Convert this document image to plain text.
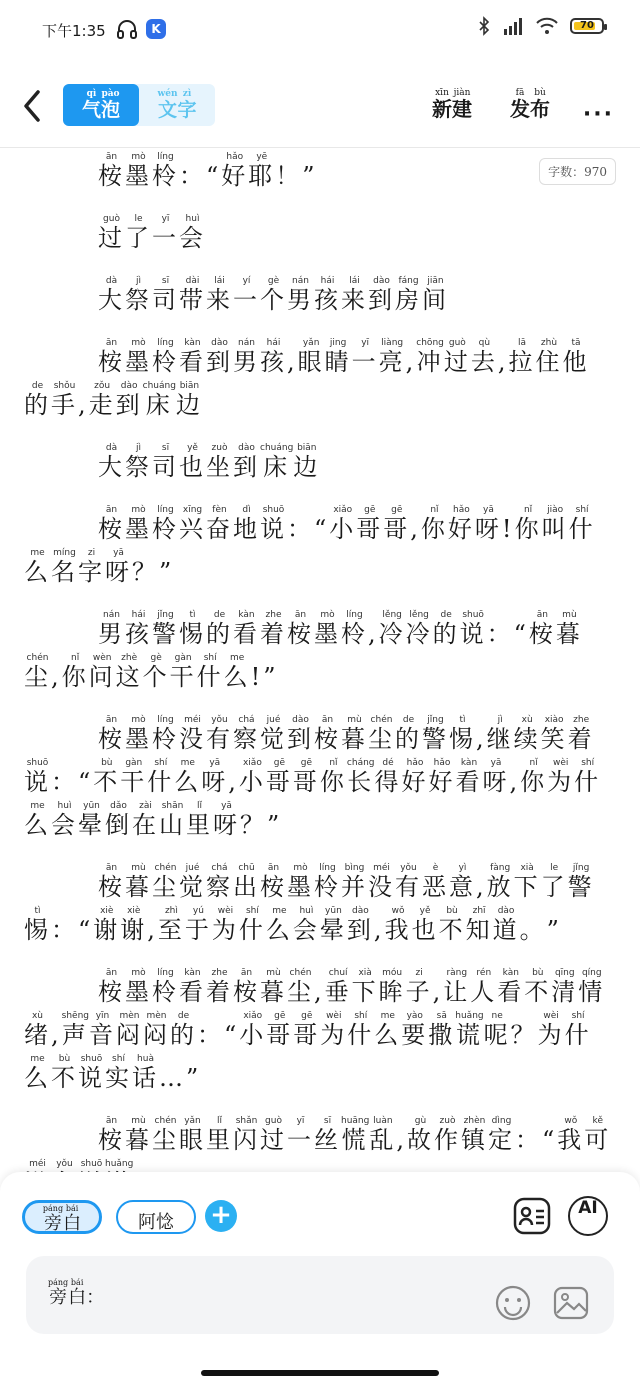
下午1:35	K	70
气qì泡pào
文wén字zì
新xīn建jiàn
发fā布bù
···

桉ān墨mò柃líng：“好hǎo耶yē！”

过guò了le一yī会huì

大dà祭jì司sī带dài来lái一yí个gè男nán孩hái来lái到dào房fáng间jiān

桉ān墨mò柃líng看kàn到dào男nán孩hái,眼yǎn睛jing一yī亮liàng,冲chōng过guò去qù,拉lā住zhù他tā的de手shǒu,走zǒu到dào床chuáng边biān

大dà祭jì司sī也yě坐zuò到dào床chuáng边biān

桉ān墨mò柃líng兴xīng奋fèn地dì说shuō：“小xiǎo哥gē哥gē,你nǐ好hǎo呀yā!你nǐ叫jiào什shí么me名míng字zi呀yā？”

男nán孩hái警jǐng惕tì的de看kàn着zhe桉ān墨mò柃líng,冷lěng冷lěng的de说shuō：“桉ān暮mù尘chén,你nǐ问wèn这zhè个gè干gàn什shí么me!”

桉ān墨mò柃líng没méi有yǒu察chá觉jué到dào桉ān暮mù尘chén的de警jǐng惕tì,继jì续xù笑xiào着zhe说shuō：“不bù干gàn什shí么me呀yā,小xiǎo哥gē哥gē你nǐ长cháng得dé好hǎo好hǎo看kàn呀yā,你nǐ为wèi什shí么me会huì晕yūn倒dǎo在zài山shān里lǐ呀yā？”

桉ān暮mù尘chén觉jué察chá出chū桉ān墨mò柃líng并bìng没méi有yǒu恶è意yì,放fàng下xià了le警jǐng惕tì：“谢xiè谢xiè,至zhì于yú为wèi什shí么me会huì晕yūn到dào,我wǒ也yě不bù知zhī道dào。”

桉ān墨mò柃líng看kàn着zhe桉ān暮mù尘chén,垂chuí下xià眸móu子zi,让ràng人rén看kàn不bù清qīng情qíng绪xù,声shēng音yīn闷mèn闷mèn的de：“小xiǎo哥gē哥gē为wèi什shí么me要yào撒sā谎huǎng呢ne？为wèi什shí么me不bù说shuō实shí话huà…”

桉ān暮mù尘chén眼yǎn里lǐ闪shǎn过guò一yī丝sī慌huāng乱luàn,故gù作zuò镇zhèn定dìng：“我wǒ可kěméi yǒu shuō huǎng

字数：970
旁páng白bái
阿惗	+	AI
旁páng白bái：
